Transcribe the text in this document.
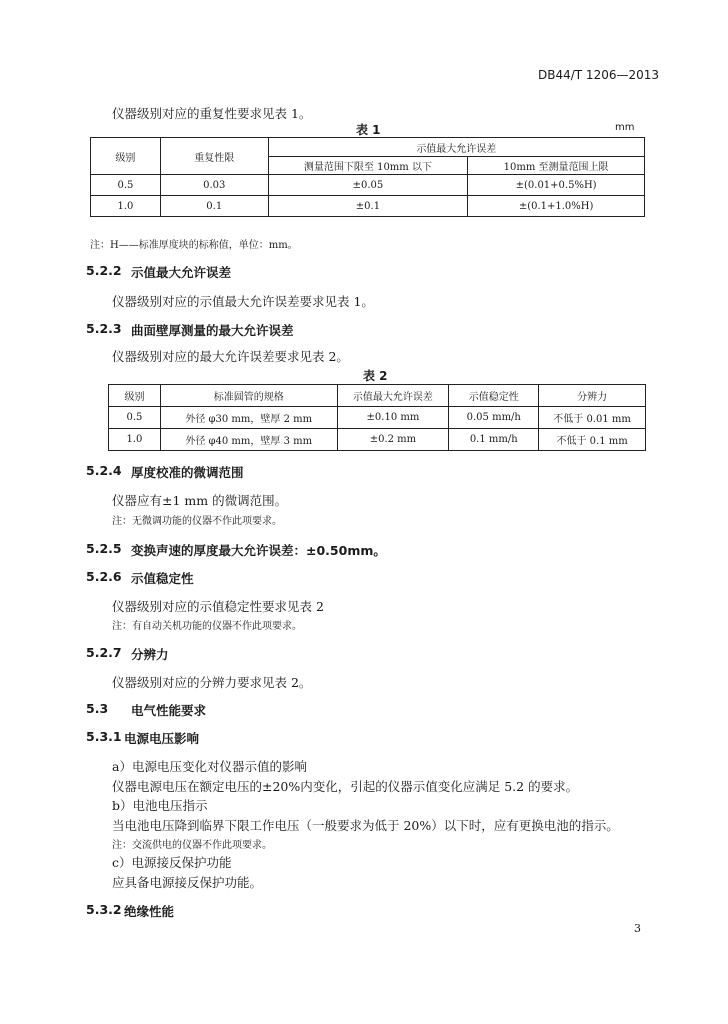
DB44/T 1206—2013
仪器级别对应的重复性要求见表 1。
表 1	mm
级别	重复性限	示值最大允许误差	
		测量范围下限至 10mm 以下	10mm 至测量范围上限
0.5	0.03	±0.05	±(0.01+0.5%H)
1.0	0.1	±0.1	±(0.1+1.0%H)
注：H——标准厚度块的标称值，单位：mm。
5.2.2 示值最大允许误差
仪器级别对应的示值最大允许误差要求见表 1。
5.2.3 曲面壁厚测量的最大允许误差
仪器级别对应的最大允许误差要求见表 2。
表 2
级别	标准圆管的规格	示值最大允许误差	示值稳定性	分辨力
0.5	外径 φ30 mm，壁厚 2 mm	±0.10 mm	0.05 mm/h	不低于 0.01 mm
1.0	外径 φ40 mm，壁厚 3 mm	±0.2 mm	0.1 mm/h	不低于 0.1 mm
5.2.4 厚度校准的微调范围
仪器应有±1 mm 的微调范围。
注：无微调功能的仪器不作此项要求。
5.2.5 变换声速的厚度最大允许误差：±0.50mm。
5.2.6 示值稳定性
仪器级别对应的示值稳定性要求见表 2
注：有自动关机功能的仪器不作此项要求。
5.2.7 分辨力
仪器级别对应的分辨力要求见表 2。
5.3 电气性能要求
5.3.1 电源电压影响
a）电源电压变化对仪器示值的影响
仪器电源电压在额定电压的±20%内变化，引起的仪器示值变化应满足 5.2 的要求。
b）电池电压指示
当电池电压降到临界下限工作电压（一般要求为低于 20%）以下时，应有更换电池的指示。
注：交流供电的仪器不作此项要求。
c）电源接反保护功能
应具备电源接反保护功能。
5.3.2 绝缘性能
3
